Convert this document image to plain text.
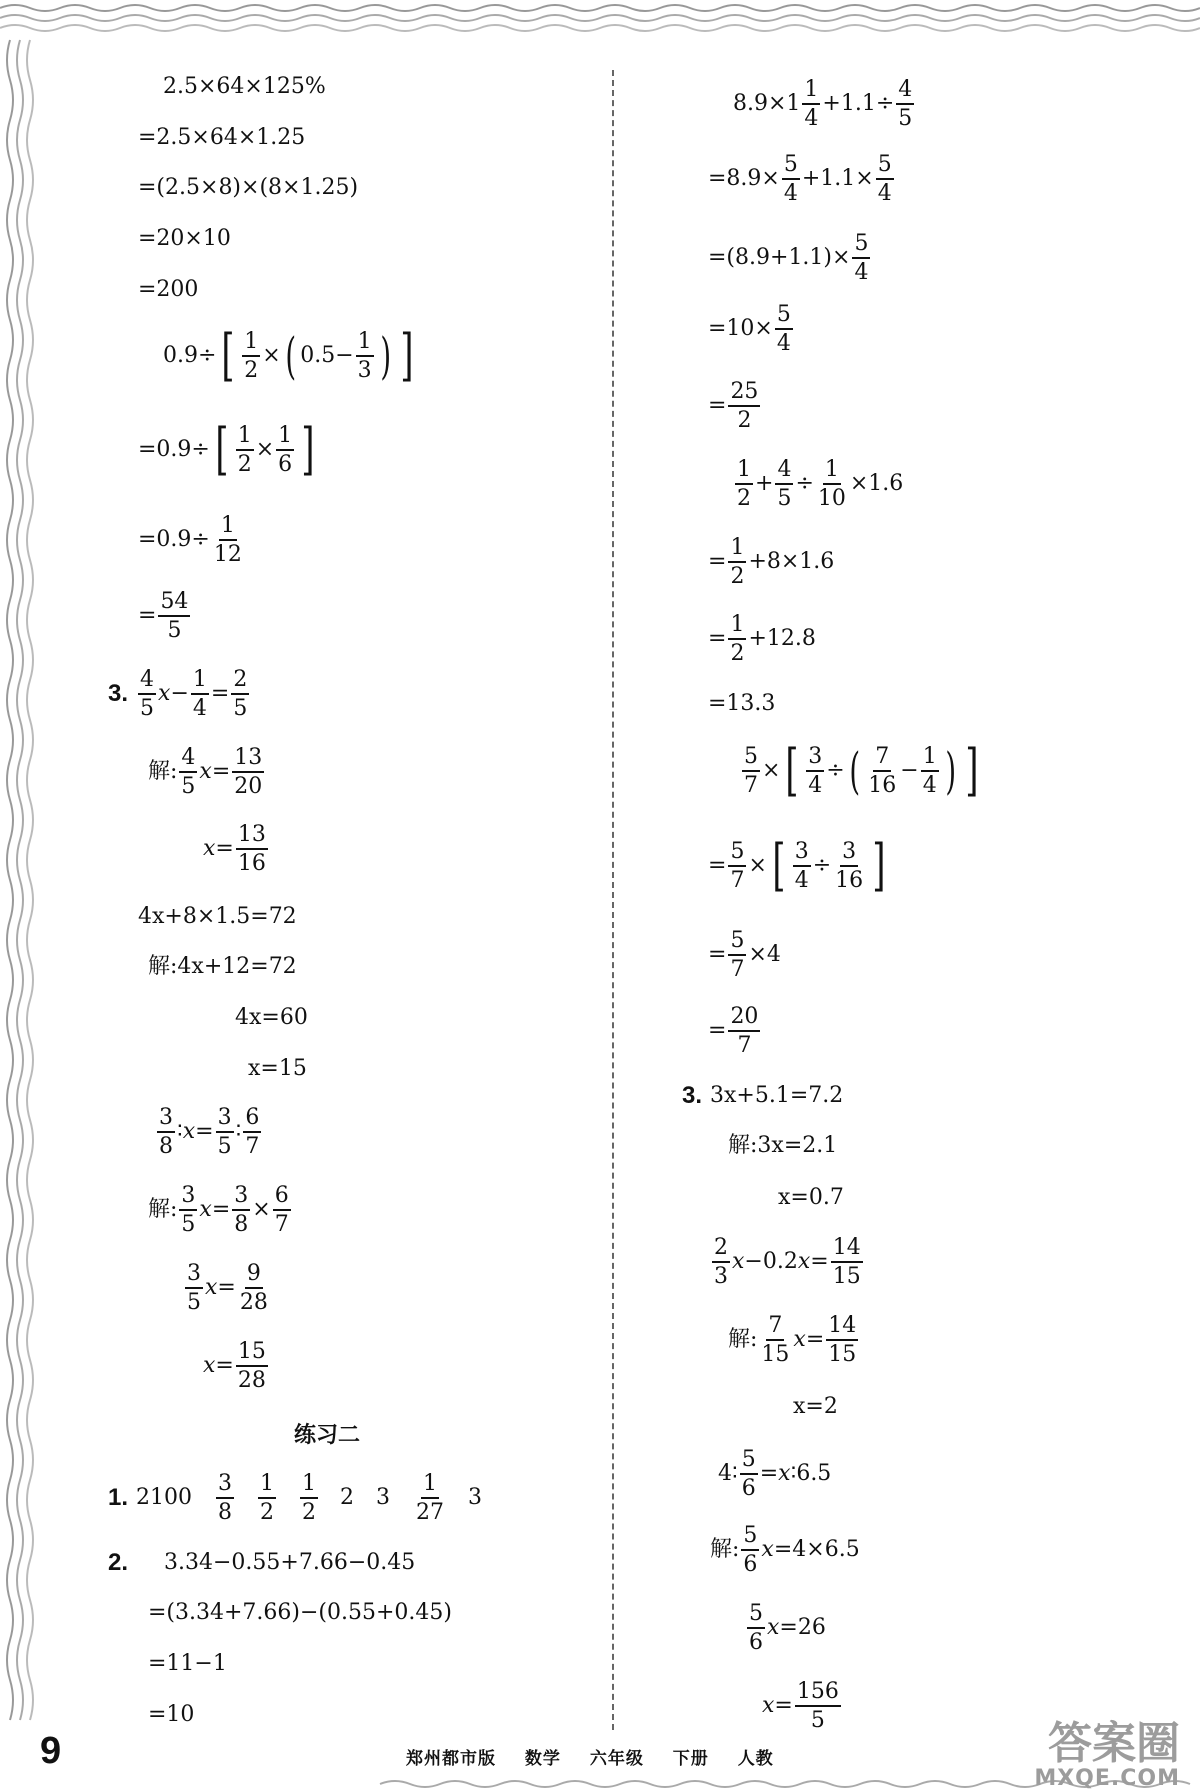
2.5×64×125%
=2.5×64×1.25
=(2.5×8)×(8×1.25)
=20×10
=200
0.9÷ [ $\frac{1}{2}$ × ( $0.5- \frac{1}{3}$ ) ]
=0.9÷ [ $\frac{1}{2} \times \frac{1}{6}$ ]
$=0.9\div \frac{1}{12}$
= $\frac{54}{5}$
3. $\frac{4}{5}$ $x - \frac{1}{4} = \frac{2}{5}$
解: $\frac{4}{5}$ $x = \frac{13}{20}$
$x = \frac{13}{16}$
4x+8×1.5=72
解: 4x+12=72
4x=60
x=15
$\frac{3}{8}$ ∶ $x = \frac{3}{5}$ ∶ $\frac{6}{7}$
解: $\frac{3}{5}$ $x = \frac{3}{8} \times \frac{6}{7}$
$\frac{3}{5}$ $x = \frac{9}{28}$
$x = \frac{15}{28}$
练习二
1. $2100 \frac{3}{8} \frac{1}{2} \frac{1}{2} 2$ $3 \frac{1}{27} 3$
2. 3.34−0.55+7.66−0.45
=(3.34+7.66)−(0.55+0.45)
=11−1
=10
$8.9\times 1 \frac{1}{4} +1.1\div \frac{4}{5}$
$=8.9\times \frac{5}{4} +1.1\times \frac{5}{4}$
$=(8.9+1.1)\times \frac{5}{4}$
$=10\times \frac{5}{4}$
= $\frac{25}{2}$
$\frac{1}{2} + \frac{4}{5} \div \frac{1}{10} \times 1.6$
= $\frac{1}{2} +8\times 1.6$
= $\frac{1}{2} +12.8$
=13.3
$\frac{5}{7}$ × [ $\frac{3}{4}$ ÷ ( $\frac{7}{16} - \frac{1}{4}$ ) ]
= $\frac{5}{7}$ × [ $\frac{3}{4} \div \frac{3}{16}$ ]
= $\frac{5}{7} \times 4$
= $\frac{20}{7}$
3. 3x+5.1=7.2
解: 3x=2.1
x=0.7
$\frac{2}{3}$ x −0.2 $x = \frac{14}{15}$
解: $\frac{7}{15}$ $x = \frac{14}{15}$
x=2
4∶ $\frac{5}{6} = x$ ∶6.5
解: $\frac{5}{6}$ x =4×6.5
$\frac{5}{6}$ x =26
$x = \frac{156}{5}$
9	郑州都市版 数学 六年级 下册 人教	答案圈
MXQE.COM
